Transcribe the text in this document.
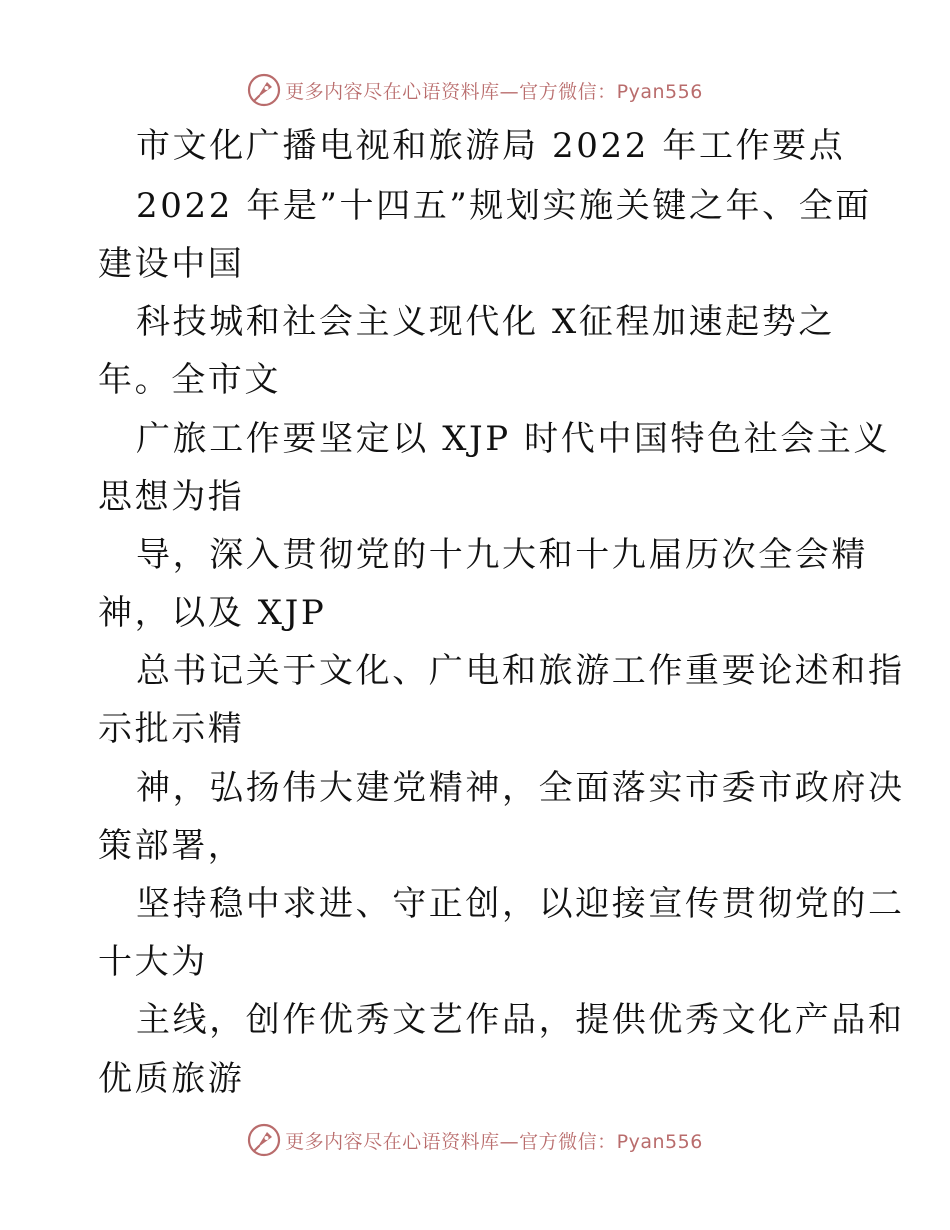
更多内容尽在心语资料库—官方微信：Pyan556
市文化广播电视和旅游局 2022 年工作要点
2022 年是”十四五”规划实施关键之年、全面
建设中国
科技城和社会主义现代化 X征程加速起势之
年。全市文
广旅工作要坚定以 XJP 时代中国特色社会主义
思想为指
导，深入贯彻党的十九大和十九届历次全会精
神，以及 XJP
总书记关于文化、广电和旅游工作重要论述和指
示批示精
神，弘扬伟大建党精神，全面落实市委市政府决
策部署，
坚持稳中求进、守正创，以迎接宣传贯彻党的二
十大为
主线，创作优秀文艺作品，提供优秀文化产品和
优质旅游
更多内容尽在心语资料库—官方微信：Pyan556
